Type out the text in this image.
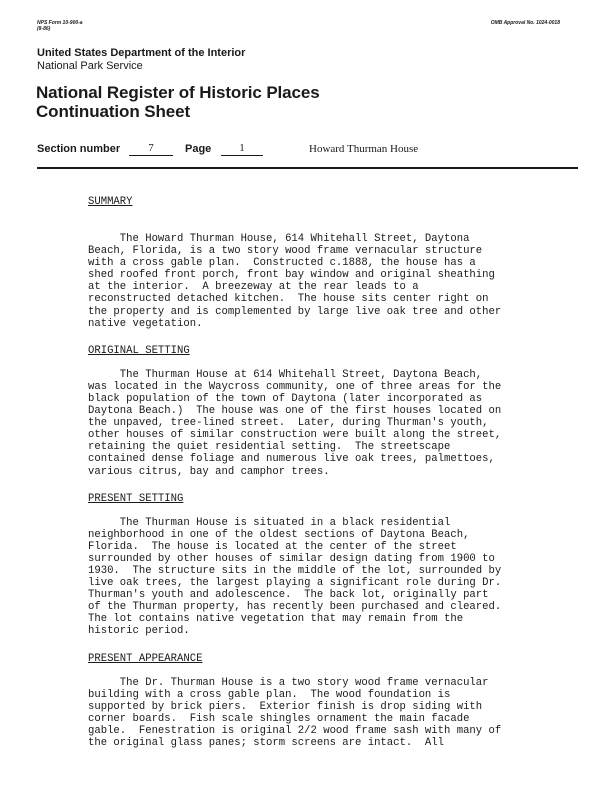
NPS Form 10-900-a
(8-86)
OMB Approval No. 1024-0018
United States Department of the Interior
National Park Service
National Register of Historic Places
Continuation Sheet
Section number	7	Page	1	Howard Thurman House
SUMMARY
The Howard Thurman House, 614 Whitehall Street, Daytona
Beach, Florida, is a two story wood frame vernacular structure
with a cross gable plan.  Constructed c.1888, the house has a
shed roofed front porch, front bay window and original sheathing
at the interior.  A breezeway at the rear leads to a
reconstructed detached kitchen.  The house sits center right on
the property and is complemented by large live oak tree and other
native vegetation.
ORIGINAL SETTING
The Thurman House at 614 Whitehall Street, Daytona Beach,
was located in the Waycross community, one of three areas for the
black population of the town of Daytona (later incorporated as
Daytona Beach.)  The house was one of the first houses located on
the unpaved, tree-lined street.  Later, during Thurman's youth,
other houses of similar construction were built along the street,
retaining the quiet residential setting.  The streetscape
contained dense foliage and numerous live oak trees, palmettoes,
various citrus, bay and camphor trees.
PRESENT SETTING
The Thurman House is situated in a black residential
neighborhood in one of the oldest sections of Daytona Beach,
Florida.  The house is located at the center of the street
surrounded by other houses of similar design dating from 1900 to
1930.  The structure sits in the middle of the lot, surrounded by
live oak trees, the largest playing a significant role during Dr.
Thurman's youth and adolescence.  The back lot, originally part
of the Thurman property, has recently been purchased and cleared.
The lot contains native vegetation that may remain from the
historic period.
PRESENT APPEARANCE
The Dr. Thurman House is a two story wood frame vernacular
building with a cross gable plan.  The wood foundation is
supported by brick piers.  Exterior finish is drop siding with
corner boards.  Fish scale shingles ornament the main facade
gable.  Fenestration is original 2/2 wood frame sash with many of
the original glass panes; storm screens are intact.  All
